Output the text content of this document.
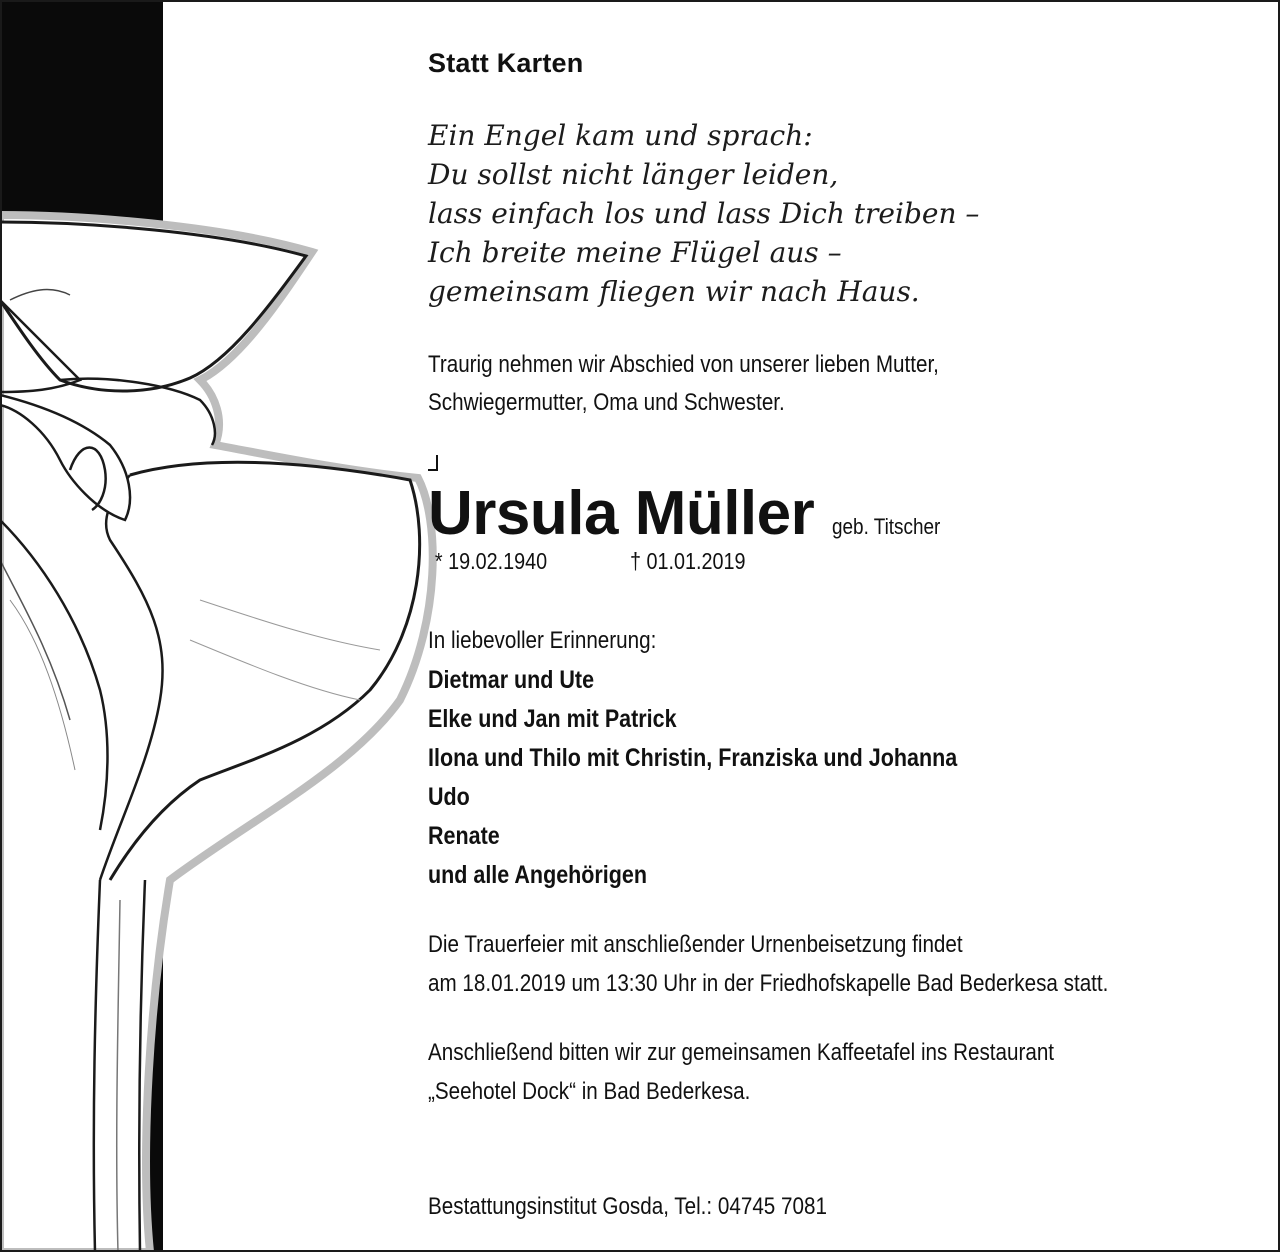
Statt Karten
Ein Engel kam und sprach:
Du sollst nicht länger leiden,
lass einfach los und lass Dich treiben –
Ich breite meine Flügel aus –
gemeinsam fliegen wir nach Haus.
Traurig nehmen wir Abschied von unserer lieben Mutter,
Schwiegermutter, Oma und Schwester.
Ursula Müller geb. Titscher
* 19.02.1940	† 01.01.2019
In liebevoller Erinnerung:
Dietmar und Ute
Elke und Jan mit Patrick
Ilona und Thilo mit Christin, Franziska und Johanna
Udo
Renate
und alle Angehörigen
Die Trauerfeier mit anschließender Urnenbeisetzung findet
am 18.01.2019 um 13:30 Uhr in der Friedhofskapelle Bad Bederkesa statt.
Anschließend bitten wir zur gemeinsamen Kaffeetafel ins Restaurant
„Seehotel Dock“ in Bad Bederkesa.
Bestattungsinstitut Gosda, Tel.: 04745 7081
